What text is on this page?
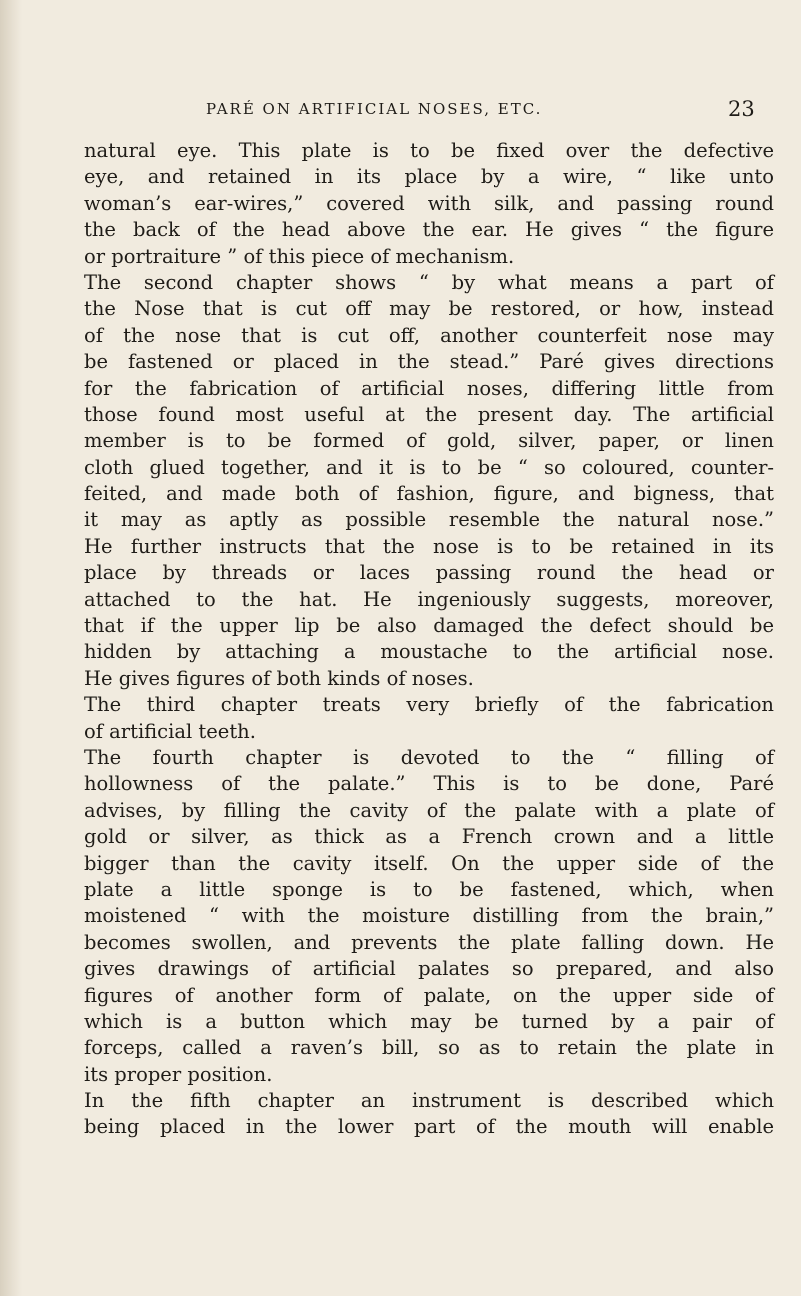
PARÉ ON ARTIFICIAL NOSES, ETC.	23
natural eye. This plate is to be fixed over the defective
eye, and retained in its place by a wire, “ like unto
woman’s ear-wires,” covered with silk, and passing round
the back of the head above the ear. He gives “ the figure
or portraiture ” of this piece of mechanism.
The second chapter shows “ by what means a part of
the Nose that is cut off may be restored, or how, instead
of the nose that is cut off, another counterfeit nose may
be fastened or placed in the stead.” Paré gives directions
for the fabrication of artificial noses, differing little from
those found most useful at the present day. The artificial
member is to be formed of gold, silver, paper, or linen
cloth glued together, and it is to be “ so coloured, counter-
feited, and made both of fashion, figure, and bigness, that
it may as aptly as possible resemble the natural nose.”
He further instructs that the nose is to be retained in its
place by threads or laces passing round the head or
attached to the hat. He ingeniously suggests, moreover,
that if the upper lip be also damaged the defect should be
hidden by attaching a moustache to the artificial nose.
He gives figures of both kinds of noses.
The third chapter treats very briefly of the fabrication
of artificial teeth.
The fourth chapter is devoted to the “ filling of
hollowness of the palate.” This is to be done, Paré
advises, by filling the cavity of the palate with a plate of
gold or silver, as thick as a French crown and a little
bigger than the cavity itself. On the upper side of the
plate a little sponge is to be fastened, which, when
moistened “ with the moisture distilling from the brain,”
becomes swollen, and prevents the plate falling down. He
gives drawings of artificial palates so prepared, and also
figures of another form of palate, on the upper side of
which is a button which may be turned by a pair of
forceps, called a raven’s bill, so as to retain the plate in
its proper position.
In the fifth chapter an instrument is described which
being placed in the lower part of the mouth will enable
